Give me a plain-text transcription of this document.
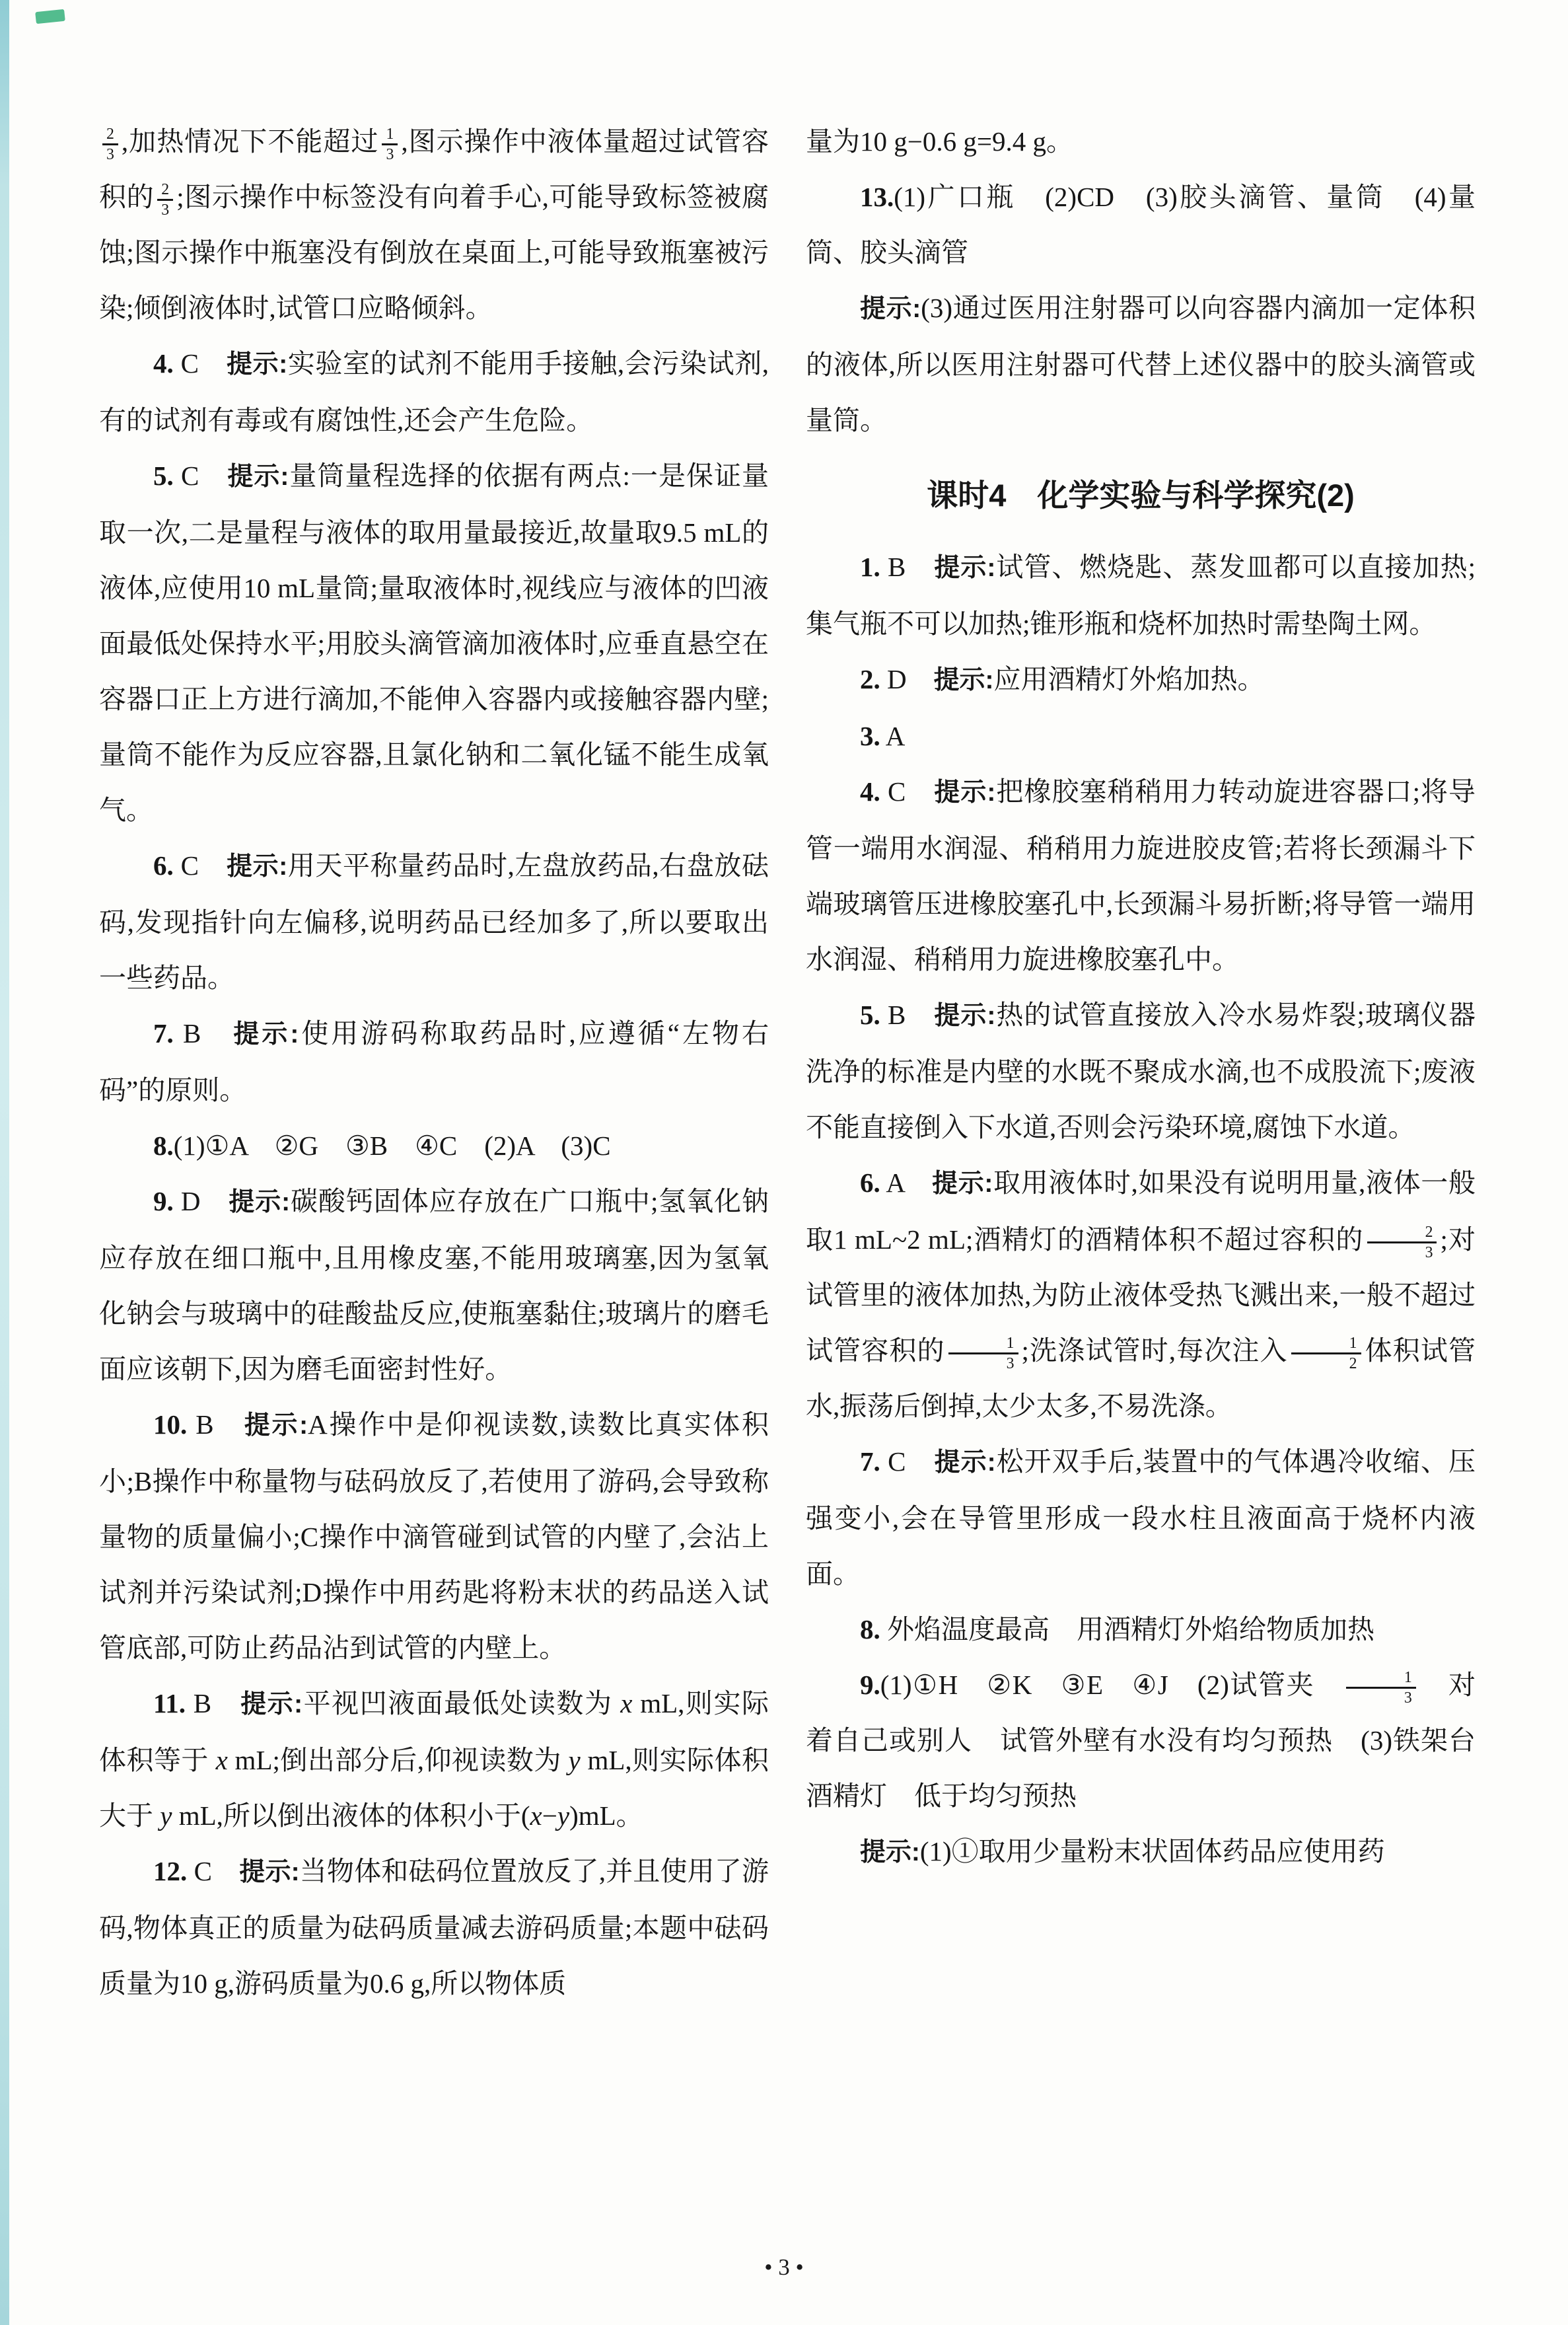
$\frac{2}{3}$ ,加热情况下不能超过 $\frac{1}{3}$ ,图示操作中液体量超过试管容积的 $\frac{2}{3}$ ;图示操作中标签没有向着手心,可能导致标签被腐蚀;图示操作中瓶塞没有倒放在桌面上,可能导致瓶塞被污染;倾倒液体时,试管口应略倾斜。

4. C　提示:实验室的试剂不能用手接触,会污染试剂,有的试剂有毒或有腐蚀性,还会产生危险。

5. C　提示:量筒量程选择的依据有两点:一是保证量取一次,二是量程与液体的取用量最接近,故量取9.5 mL的液体,应使用10 mL量筒;量取液体时,视线应与液体的凹液面最低处保持水平;用胶头滴管滴加液体时,应垂直悬空在容器口正上方进行滴加,不能伸入容器内或接触容器内壁;量筒不能作为反应容器,且氯化钠和二氧化锰不能生成氧气。

6. C　提示:用天平称量药品时,左盘放药品,右盘放砝码,发现指针向左偏移,说明药品已经加多了,所以要取出一些药品。

7. B　提示:使用游码称取药品时,应遵循“左物右码”的原则。

8.(1)①A　②G　③B　④C　(2)A　(3)C

9. D　提示:碳酸钙固体应存放在广口瓶中;氢氧化钠应存放在细口瓶中,且用橡皮塞,不能用玻璃塞,因为氢氧化钠会与玻璃中的硅酸盐反应,使瓶塞黏住;玻璃片的磨毛面应该朝下,因为磨毛面密封性好。

10. B　提示:A操作中是仰视读数,读数比真实体积小;B操作中称量物与砝码放反了,若使用了游码,会导致称量物的质量偏小;C操作中滴管碰到试管的内壁了,会沾上试剂并污染试剂;D操作中用药匙将粉末状的药品送入试管底部,可防止药品沾到试管的内壁上。

11. B　提示:平视凹液面最低处读数为 x mL,则实际体积等于 x mL;倒出部分后,仰视读数为 y mL,则实际体积大于 y mL,所以倒出液体的体积小于(x−y)mL。

12. C　提示:当物体和砝码位置放反了,并且使用了游码,物体真正的质量为砝码质量减去游码质量;本题中砝码质量为10 g,游码质量为0.6 g,所以物体质

量为10 g−0.6 g=9.4 g。

13.(1)广口瓶　(2)CD　(3)胶头滴管、量筒　(4)量筒、胶头滴管

提示:(3)通过医用注射器可以向容器内滴加一定体积的液体,所以医用注射器可代替上述仪器中的胶头滴管或量筒。

课时4　化学实验与科学探究(2)

1. B　提示:试管、燃烧匙、蒸发皿都可以直接加热;集气瓶不可以加热;锥形瓶和烧杯加热时需垫陶土网。

2. D　提示:应用酒精灯外焰加热。

3. A

4. C　提示:把橡胶塞稍稍用力转动旋进容器口;将导管一端用水润湿、稍稍用力旋进胶皮管;若将长颈漏斗下端玻璃管压进橡胶塞孔中,长颈漏斗易折断;将导管一端用水润湿、稍稍用力旋进橡胶塞孔中。

5. B　提示:热的试管直接放入冷水易炸裂;玻璃仪器洗净的标准是内壁的水既不聚成水滴,也不成股流下;废液不能直接倒入下水道,否则会污染环境,腐蚀下水道。

6. A　提示:取用液体时,如果没有说明用量,液体一般取1 mL~2 mL;酒精灯的酒精体积不超过容积的 $\frac{2}{3}$ ;对试管里的液体加热,为防止液体受热飞溅出来,一般不超过试管容积的 $\frac{1}{3}$ ;洗涤试管时,每次注入 $\frac{1}{2}$ 体积试管水,振荡后倒掉,太少太多,不易洗涤。

7. C　提示:松开双手后,装置中的气体遇冷收缩、压强变小,会在导管里形成一段水柱且液面高于烧杯内液面。

8. 外焰温度最高　用酒精灯外焰给物质加热

9.(1)①H　②K　③E　④J　(2)试管夹　 $\frac{1}{3}$ 　对着自己或别人　试管外壁有水没有均匀预热　(3)铁架台　酒精灯　低于均匀预热

提示:(1)①取用少量粉末状固体药品应使用药

• 3 •
